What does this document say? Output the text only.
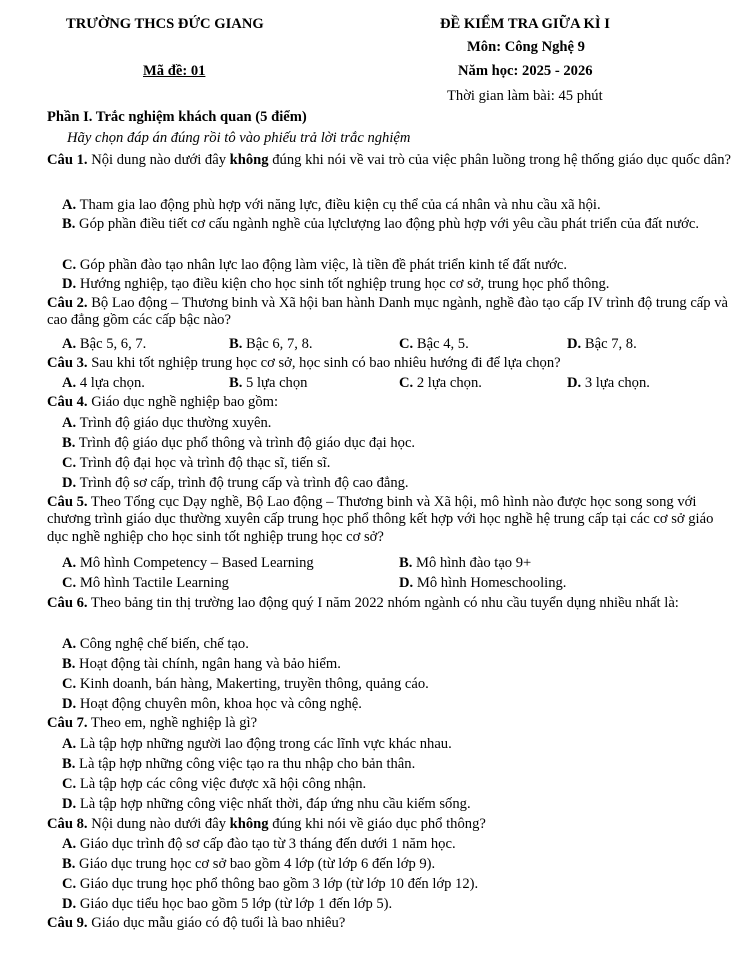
TRƯỜNG THCS ĐỨC GIANG	ĐỀ KIỂM TRA GIỮA KÌ I
Môn: Công Nghệ 9
Mã đề: 01	Năm học: 2025 - 2026
Thời gian làm bài: 45 phút
Phần I. Trắc nghiệm khách quan (5 điểm)
Hãy chọn đáp án đúng rồi tô vào phiếu trả lời trắc nghiệm
Câu 1. Nội dung nào dưới đây không đúng khi nói về vai trò của việc phân luồng trong hệ thống giáo dục quốc dân?
A. Tham gia lao động phù hợp với năng lực, điều kiện cụ thể của cá nhân và nhu cầu xã hội.
B. Góp phần điều tiết cơ cấu ngành nghề của lựclượng lao động phù hợp với yêu cầu phát triển của đất nước.
C. Góp phần đào tạo nhân lực lao động làm việc, là tiền đề phát triển kinh tế đất nước.
D. Hướng nghiệp, tạo điều kiện cho học sinh tốt nghiệp trung học cơ sở, trung học phổ thông.
Câu 2. Bộ Lao động – Thương binh và Xã hội ban hành Danh mục ngành, nghề đào tạo cấp IV trình độ trung cấp và cao đẳng gồm các cấp bậc nào?
A. Bậc 5, 6, 7.	B. Bậc 6, 7, 8.	C. Bậc 4, 5.	D. Bậc 7, 8.
Câu 3. Sau khi tốt nghiệp trung học cơ sở, học sinh có bao nhiêu hướng đi để lựa chọn?
A. 4 lựa chọn.	B. 5 lựa chọn	C. 2 lựa chọn.	D. 3 lựa chọn.
Câu 4. Giáo dục nghề nghiệp bao gồm:
A. Trình độ giáo dục thường xuyên.
B. Trình độ giáo dục phổ thông và trình độ giáo dục đại học.
C. Trình độ đại học và trình độ thạc sĩ, tiến sĩ.
D. Trình độ sơ cấp, trình độ trung cấp và trình độ cao đẳng.
Câu 5. Theo Tổng cục Dạy nghề, Bộ Lao động – Thương binh và Xã hội, mô hình nào được học song song với chương trình giáo dục thường xuyên cấp trung học phổ thông kết hợp với học nghề hệ trung cấp tại các cơ sở giáo dục nghề nghiệp cho học sinh tốt nghiệp trung học cơ sở?
A. Mô hình Competency – Based Learning	B. Mô hình đào tạo 9+
C. Mô hình Tactile Learning	D. Mô hình Homeschooling.
Câu 6. Theo bảng tin thị trường lao động quý I năm 2022 nhóm ngành có nhu cầu tuyển dụng nhiều nhất là:
A. Công nghệ chế biến, chế tạo.
B. Hoạt động tài chính, ngân hang và bảo hiểm.
C. Kinh doanh, bán hàng, Makerting, truyền thông, quảng cáo.
D. Hoạt động chuyên môn, khoa học và công nghệ.
Câu 7. Theo em, nghề nghiệp là gì?
A. Là tập hợp những người lao động trong các lĩnh vực khác nhau.
B. Là tập hợp những công việc tạo ra thu nhập cho bản thân.
C. Là tập hợp các công việc được xã hội công nhận.
D. Là tập hợp những công việc nhất thời, đáp ứng nhu cầu kiếm sống.
Câu 8. Nội dung nào dưới đây không đúng khi nói về giáo dục phổ thông?
A. Giáo dục trình độ sơ cấp đào tạo từ 3 tháng đến dưới 1 năm học.
B. Giáo dục trung học cơ sở bao gồm 4 lớp (từ lớp 6 đến lớp 9).
C. Giáo dục trung học phổ thông bao gồm 3 lớp (từ lớp 10 đến lớp 12).
D. Giáo dục tiểu học bao gồm 5 lớp (từ lớp 1 đến lớp 5).
Câu 9. Giáo dục mẫu giáo có độ tuổi là bao nhiêu?
